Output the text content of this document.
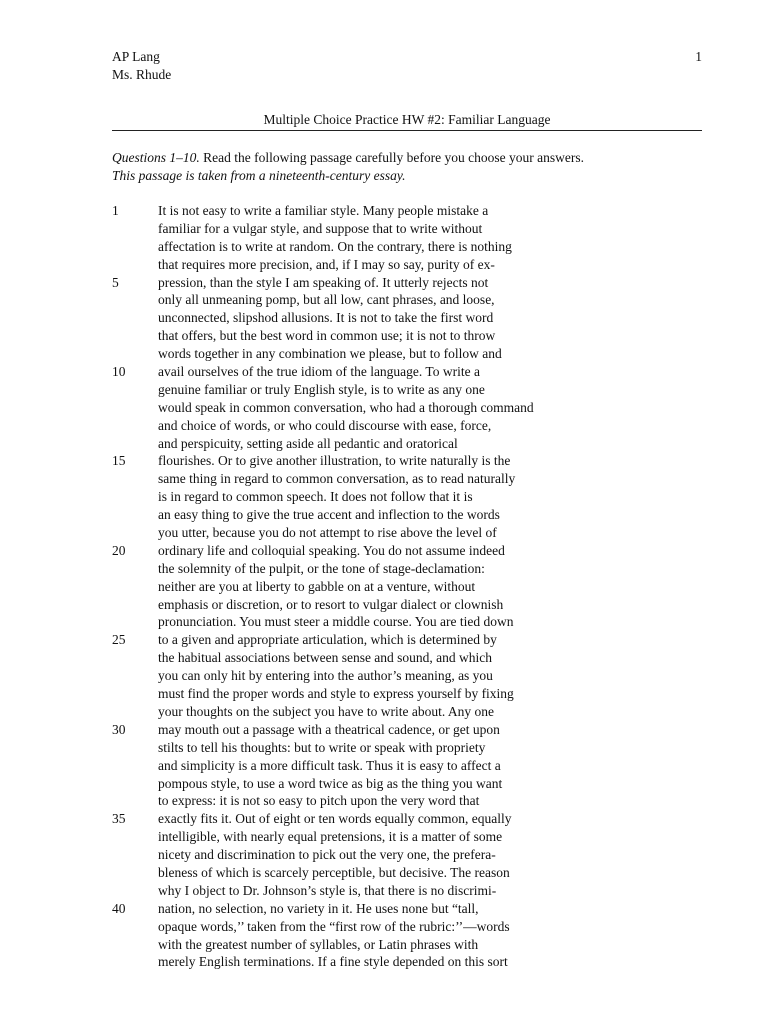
AP Lang
Ms. Rhude
1
Multiple Choice Practice HW #2: Familiar Language
Questions 1–10. Read the following passage carefully before you choose your answers.
This passage is taken from a nineteenth-century essay.
1	It is not easy to write a familiar style. Many people mistake a
familiar for a vulgar style, and suppose that to write without
affectation is to write at random. On the contrary, there is nothing
that requires more precision, and, if I may so say, purity of ex-
5	pression, than the style I am speaking of. It utterly rejects not
only all unmeaning pomp, but all low, cant phrases, and loose,
unconnected, slipshod allusions. It is not to take the first word
that offers, but the best word in common use; it is not to throw
words together in any combination we please, but to follow and
10	avail ourselves of the true idiom of the language. To write a
genuine familiar or truly English style, is to write as any one
would speak in common conversation, who had a thorough command
and choice of words, or who could discourse with ease, force,
and perspicuity, setting aside all pedantic and oratorical
15	flourishes. Or to give another illustration, to write naturally is the
same thing in regard to common conversation, as to read naturally
is in regard to common speech. It does not follow that it is
an easy thing to give the true accent and inflection to the words
you utter, because you do not attempt to rise above the level of
20	ordinary life and colloquial speaking. You do not assume indeed
the solemnity of the pulpit, or the tone of stage-declamation:
neither are you at liberty to gabble on at a venture, without
emphasis or discretion, or to resort to vulgar dialect or clownish
pronunciation. You must steer a middle course. You are tied down
25	to a given and appropriate articulation, which is determined by
the habitual associations between sense and sound, and which
you can only hit by entering into the author’s meaning, as you
must find the proper words and style to express yourself by fixing
your thoughts on the subject you have to write about. Any one
30	may mouth out a passage with a theatrical cadence, or get upon
stilts to tell his thoughts: but to write or speak with propriety
and simplicity is a more difficult task. Thus it is easy to affect a
pompous style, to use a word twice as big as the thing you want
to express: it is not so easy to pitch upon the very word that
35	exactly fits it. Out of eight or ten words equally common, equally
intelligible, with nearly equal pretensions, it is a matter of some
nicety and discrimination to pick out the very one, the prefera-
bleness of which is scarcely perceptible, but decisive. The reason
why I object to Dr. Johnson’s style is, that there is no discrimi-
40	nation, no selection, no variety in it. He uses none but “tall,
opaque words,’’ taken from the “first row of the rubric:’’—words
with the greatest number of syllables, or Latin phrases with
merely English terminations. If a fine style depended on this sort
